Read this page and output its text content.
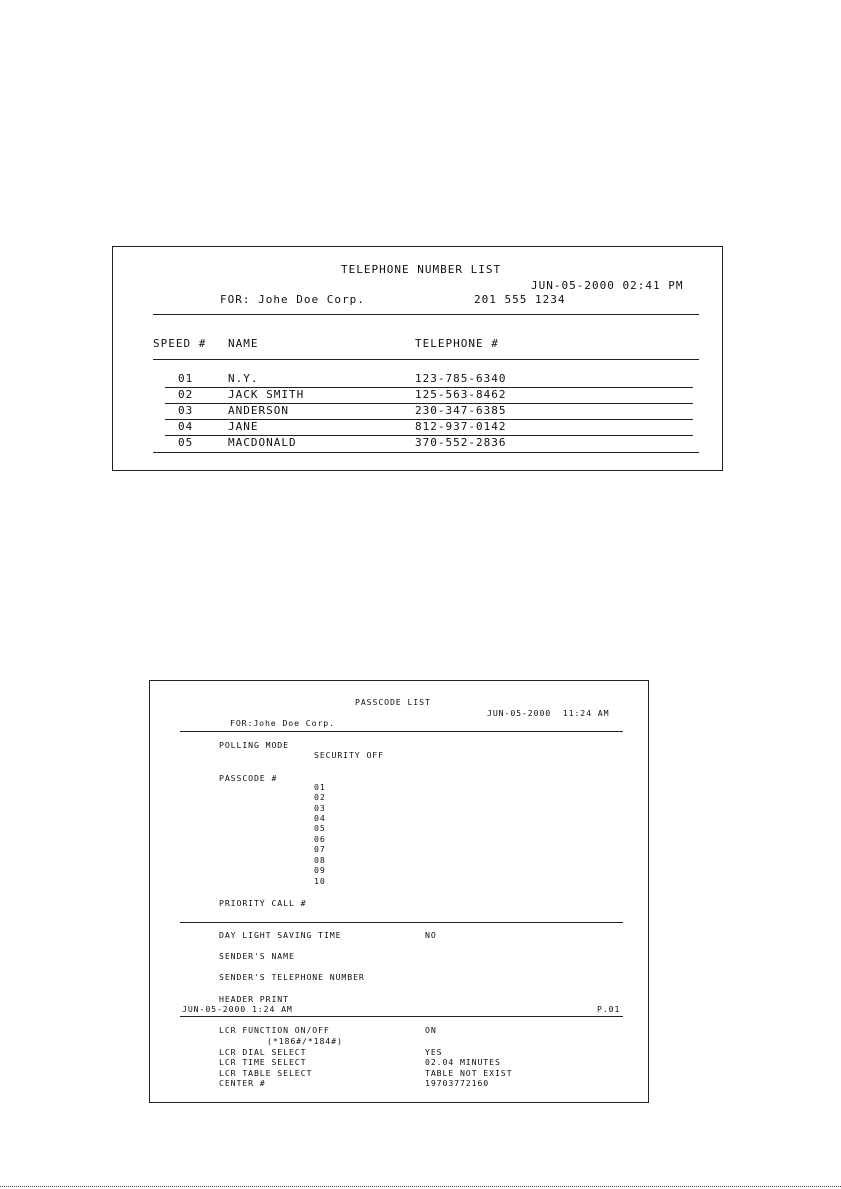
TELEPHONE NUMBER LIST
JUN-05-2000 02:41 PM
FOR: Johe Doe Corp.	201 555 1234
SPEED # NAME	TELEPHONE #
01	N.Y.	123-785-6340
02	JACK SMITH	125-563-8462
03	ANDERSON	230-347-6385
04	JANE	812-937-0142
05	MACDONALD	370-552-2836
PASSCODE LIST
JUN-05-2000  11:24 AM
FOR:Johe Doe Corp.
POLLING MODE
SECURITY OFF
PASSCODE #
01
02
03
04
05
06
07
08
09
10
PRIORITY CALL #
DAY LIGHT SAVING TIME	NO
SENDER'S NAME
SENDER'S TELEPHONE NUMBER
HEADER PRINT
JUN-05-2000 1:24 AM	P.01
LCR FUNCTION ON/OFF	ON
(*186#/*184#)
LCR DIAL SELECT	YES
LCR TIME SELECT	02.04 MINUTES
LCR TABLE SELECT	TABLE NOT EXIST
CENTER #	19703772160
